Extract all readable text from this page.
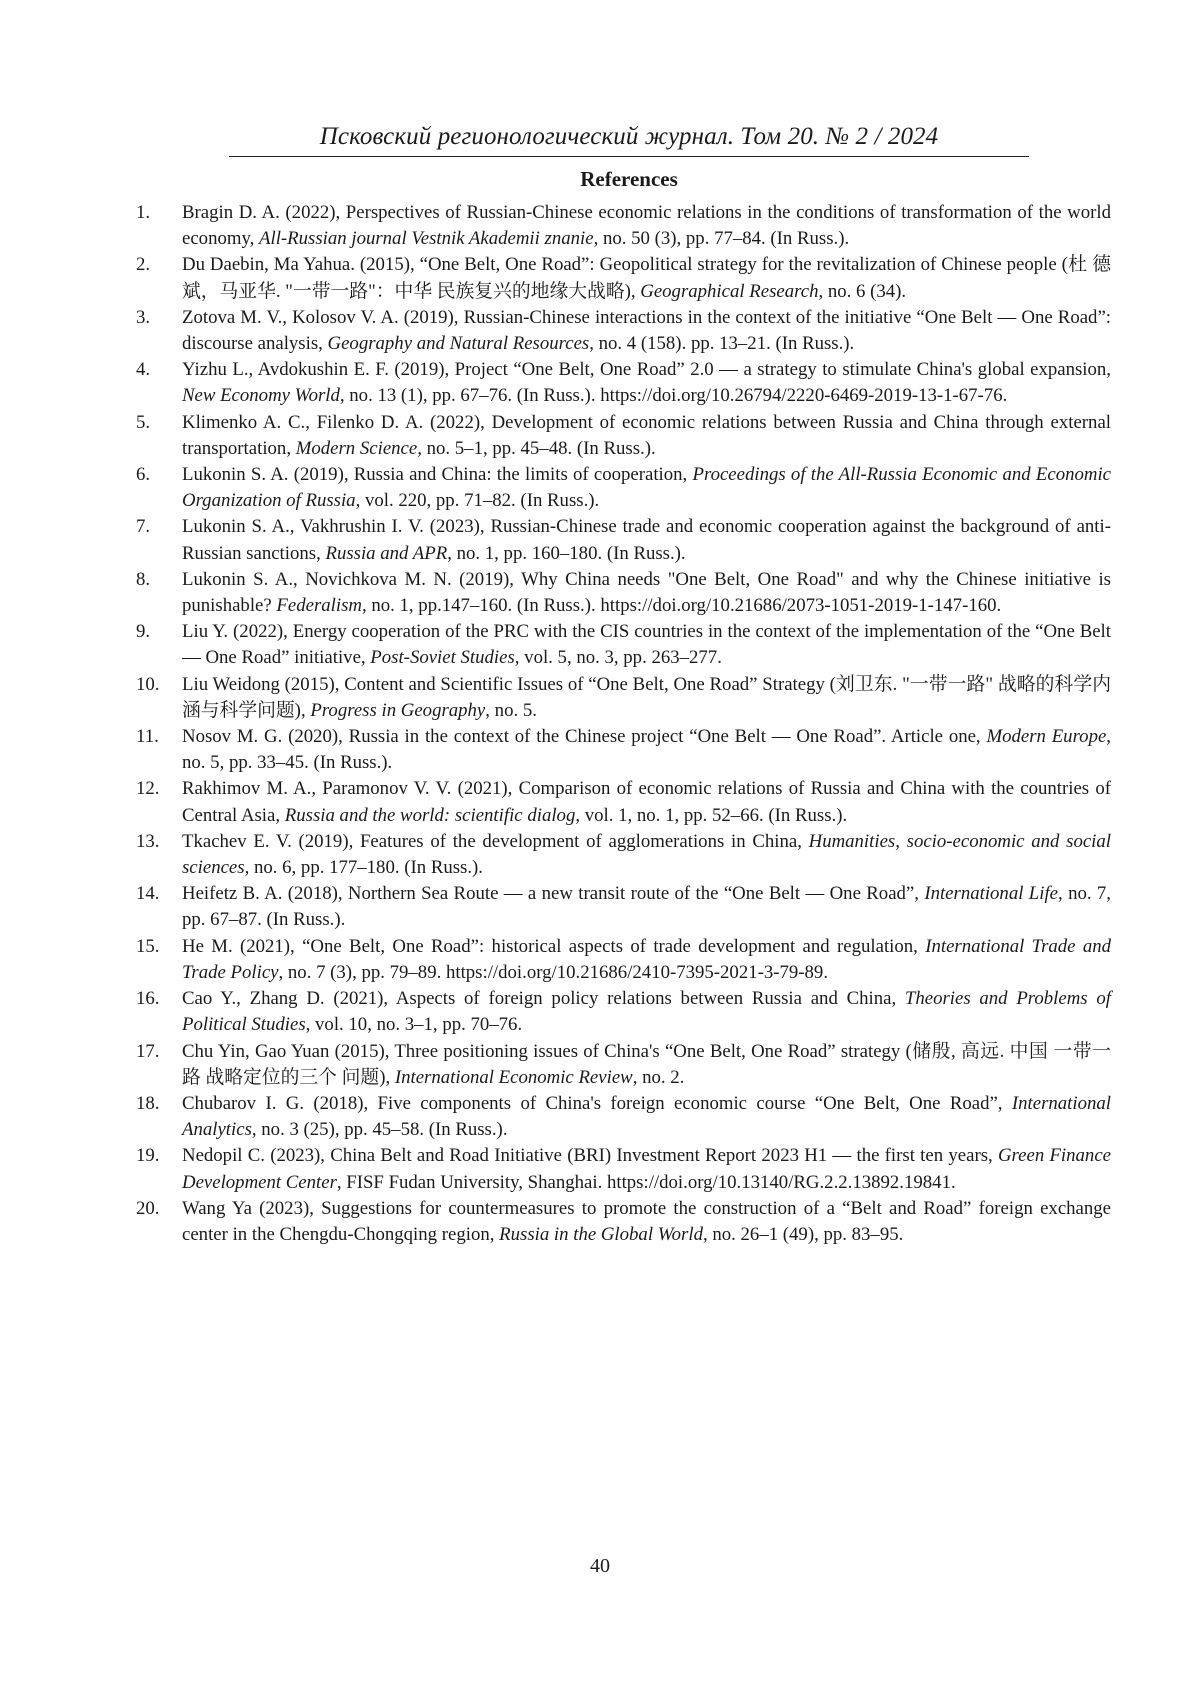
Псковский регионологический журнал. Том 20. № 2 / 2024
References
1. Bragin D. A. (2022), Perspectives of Russian-Chinese economic relations in the conditions of transformation of the world economy, All-Russian journal Vestnik Akademii znanie, no. 50 (3), pp. 77–84. (In Russ.).
2. Du Daebin, Ma Yahua. (2015), “One Belt, One Road”: Geopolitical strategy for the revitalization of Chinese people (杜 德斌，马亚华. "一带一路"：中华 民族复兴的地缘大战略), Geographical Research, no. 6 (34).
3. Zotova M. V., Kolosov V. A. (2019), Russian-Chinese interactions in the context of the initiative “One Belt — One Road”: discourse analysis, Geography and Natural Resources, no. 4 (158). pp. 13–21. (In Russ.).
4. Yizhu L., Avdokushin E. F. (2019), Project “One Belt, One Road” 2.0 — a strategy to stimulate China's global expansion, New Economy World, no. 13 (1), pp. 67–76. (In Russ.). https://doi.org/10.26794/2220-6469-2019-13-1-67-76.
5. Klimenko A. C., Filenko D. A. (2022), Development of economic relations between Russia and China through external transportation, Modern Science, no. 5–1, pp. 45–48. (In Russ.).
6. Lukonin S. A. (2019), Russia and China: the limits of cooperation, Proceedings of the All-Russia Economic and Economic Organization of Russia, vol. 220, pp. 71–82. (In Russ.).
7. Lukonin S. A., Vakhrushin I. V. (2023), Russian-Chinese trade and economic cooperation against the background of anti-Russian sanctions, Russia and APR, no. 1, pp. 160–180. (In Russ.).
8. Lukonin S. A., Novichkova M. N. (2019), Why China needs "One Belt, One Road" and why the Chinese initiative is punishable? Federalism, no. 1, pp.147–160. (In Russ.). https://doi.org/10.21686/2073-1051-2019-1-147-160.
9. Liu Y. (2022), Energy cooperation of the PRC with the CIS countries in the context of the implementation of the “One Belt — One Road” initiative, Post-Soviet Studies, vol. 5, no. 3, pp. 263–277.
10. Liu Weidong (2015), Content and Scientific Issues of “One Belt, One Road” Strategy (刘卫东. "一带一路" 战略的科学内涵与科学问题), Progress in Geography, no. 5.
11. Nosov M. G. (2020), Russia in the context of the Chinese project “One Belt — One Road”. Article one, Modern Europe, no. 5, pp. 33–45. (In Russ.).
12. Rakhimov M. A., Paramonov V. V. (2021), Comparison of economic relations of Russia and China with the countries of Central Asia, Russia and the world: scientific dialog, vol. 1, no. 1, pp. 52–66. (In Russ.).
13. Tkachev E. V. (2019), Features of the development of agglomerations in China, Humanities, socio-economic and social sciences, no. 6, pp. 177–180. (In Russ.).
14. Heifetz B. A. (2018), Northern Sea Route — a new transit route of the “One Belt — One Road”, International Life, no. 7, pp. 67–87. (In Russ.).
15. He M. (2021), “One Belt, One Road”: historical aspects of trade development and regulation, International Trade and Trade Policy, no. 7 (3), pp. 79–89. https://doi.org/10.21686/2410-7395-2021-3-79-89.
16. Cao Y., Zhang D. (2021), Aspects of foreign policy relations between Russia and China, Theories and Problems of Political Studies, vol. 10, no. 3–1, pp. 70–76.
17. Chu Yin, Gao Yuan (2015), Three positioning issues of China's “One Belt, One Road” strategy (储殷, 高远. 中国 一带一路 战略定位的三个 问题), International Economic Review, no. 2.
18. Chubarov I. G. (2018), Five components of China's foreign economic course “One Belt, One Road”, International Analytics, no. 3 (25), pp. 45–58. (In Russ.).
19. Nedopil C. (2023), China Belt and Road Initiative (BRI) Investment Report 2023 H1 — the first ten years, Green Finance Development Center, FISF Fudan University, Shanghai. https://doi.org/10.13140/RG.2.2.13892.19841.
20. Wang Ya (2023), Suggestions for countermeasures to promote the construction of a “Belt and Road” foreign exchange center in the Chengdu-Chongqing region, Russia in the Global World, no. 26–1 (49), pp. 83–95.
40
